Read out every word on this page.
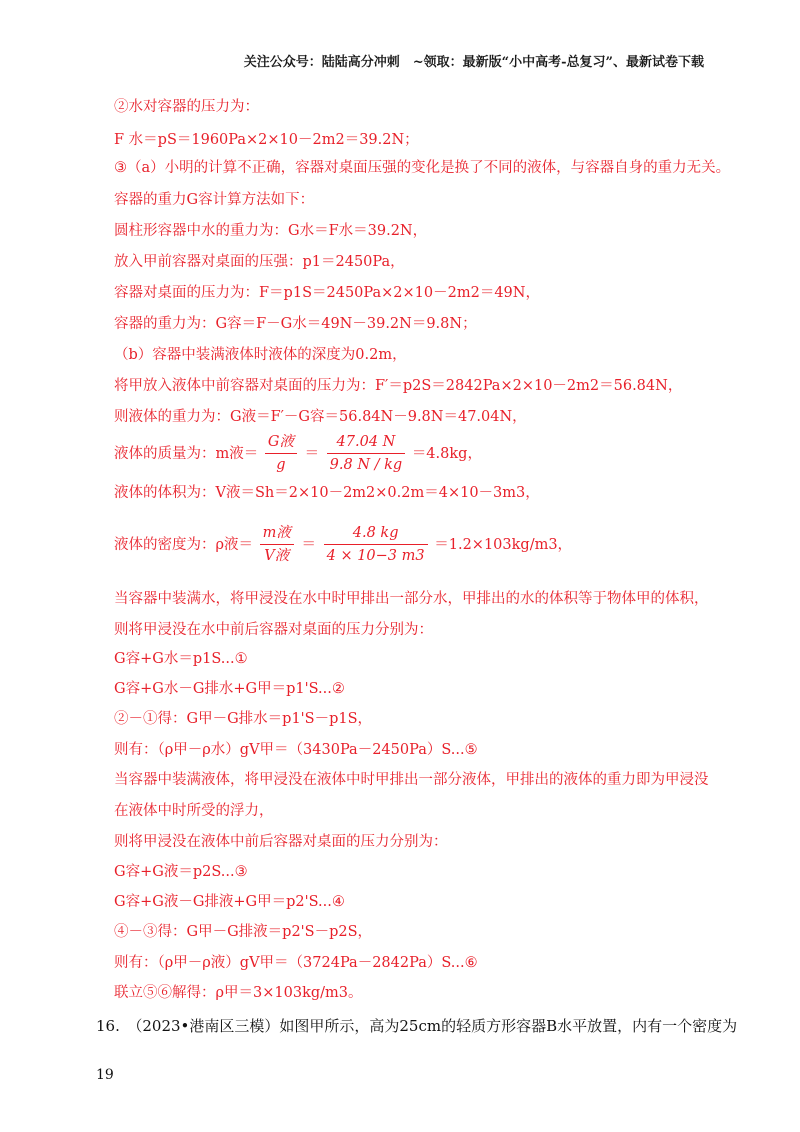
关注公众号：陆陆高分冲刺　~领取：最新版“小中高考-总复习”、最新试卷下载
②水对容器的压力为：
F 水＝pS＝1960Pa×2×10－2m2＝39.2N；
③（a）小明的计算不正确，容器对桌面压强的变化是换了不同的液体，与容器自身的重力无关。
容器的重力G容计算方法如下：
圆柱形容器中水的重力为：G水＝F水＝39.2N，
放入甲前容器对桌面的压强：p1＝2450Pa，
容器对桌面的压力为：F＝p1S＝2450Pa×2×10－2m2＝49N，
容器的重力为：G容＝F－G水＝49N－39.2N＝9.8N；
（b）容器中装满液体时液体的深度为0.2m，
将甲放入液体中前容器对桌面的压力为：F′＝p2S＝2842Pa×2×10－2m2＝56.84N，
则液体的重力为：G液＝F′－G容＝56.84N－9.8N＝47.04N，
液体的质量为：m液＝ $\frac{\text{G液}}{g} = \frac{47.04 N}{9.8 N / kg} =4.8kg$，
液体的体积为：V液＝Sh＝2×10－2m2×0.2m＝4×10－3m3，
液体的密度为：ρ液＝ $\frac{\text{m液}}{\text{V液}} = \frac{4.8 kg}{4 \times 10-3 m3} =1.2\times 103kg/m3$，
当容器中装满水，将甲浸没在水中时甲排出一部分水，甲排出的水的体积等于物体甲的体积，
则将甲浸没在水中前后容器对桌面的压力分别为：
G容+G水＝p1S...①
G容+G水－G排水+G甲＝p1'S...②
②－①得：G甲－G排水＝p1'S－p1S，
则有：（ρ甲－ρ水）gV甲＝（3430Pa－2450Pa）S...⑤
当容器中装满液体，将甲浸没在液体中时甲排出一部分液体，甲排出的液体的重力即为甲浸没
在液体中时所受的浮力，
则将甲浸没在液体中前后容器对桌面的压力分别为：
G容+G液＝p2S...③
G容+G液－G排液+G甲＝p2'S...④
④－③得：G甲－G排液＝p2'S－p2S，
则有：（ρ甲－ρ液）gV甲＝（3724Pa－2842Pa）S...⑥
联立⑤⑥解得：ρ甲＝3×103kg/m3。
16.　（2023•港南区三模）如图甲所示，高为25cm的轻质方形容器B水平放置，内有一个密度为
19
